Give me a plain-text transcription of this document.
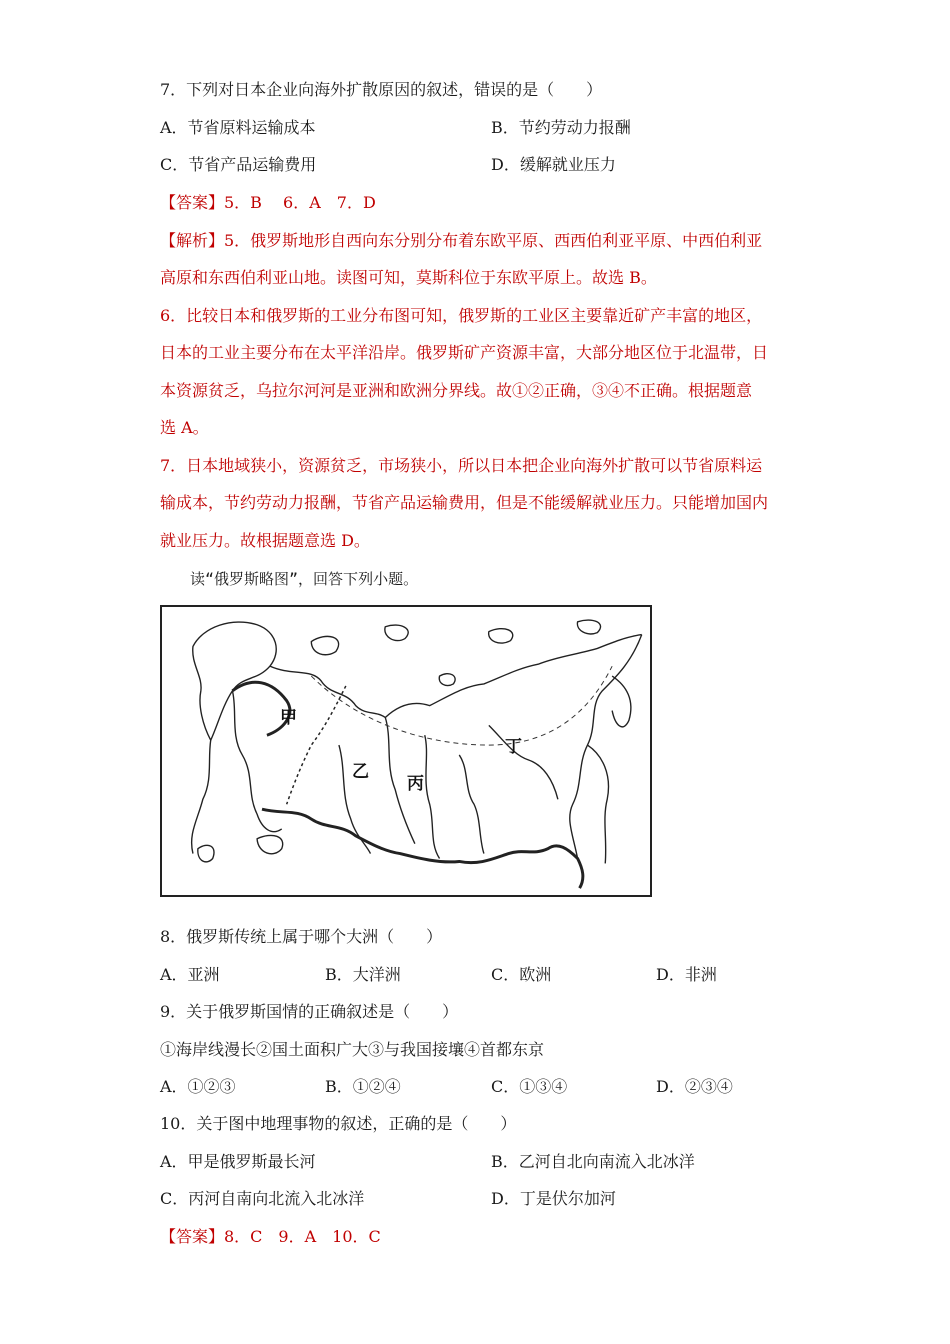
7．下列对日本企业向海外扩散原因的叙述，错误的是（　　）
A．节省原料运输成本	B．节约劳动力报酬
C．节省产品运输费用	D．缓解就业压力
【答案】5．B　 6．A　7．D
【解析】5．俄罗斯地形自西向东分别分布着东欧平原、西西伯利亚平原、中西伯利亚
高原和东西伯利亚山地。读图可知，莫斯科位于东欧平原上。故选 B。
6．比较日本和俄罗斯的工业分布图可知，俄罗斯的工业区主要靠近矿产丰富的地区，
日本的工业主要分布在太平洋沿岸。俄罗斯矿产资源丰富，大部分地区位于北温带，日
本资源贫乏，乌拉尔河河是亚洲和欧洲分界线。故①②正确，③④不正确。根据题意
选 A。
7．日本地域狭小，资源贫乏，市场狭小，所以日本把企业向海外扩散可以节省原料运
输成本，节约劳动力报酬，节省产品运输费用，但是不能缓解就业压力。只能增加国内
就业压力。故根据题意选 D。
读“俄罗斯略图”，回答下列小题。
甲
乙
丙
丁
8．俄罗斯传统上属于哪个大洲（　　）
A．亚洲	B．大洋洲	C．欧洲	D．非洲
9．关于俄罗斯国情的正确叙述是（　　）
①海岸线漫长②国土面积广大③与我国接壤④首都东京
A．①②③	B．①②④	C．①③④	D．②③④
10．关于图中地理事物的叙述，正确的是（　　）
A．甲是俄罗斯最长河	B．乙河自北向南流入北冰洋
C．丙河自南向北流入北冰洋	D．丁是伏尔加河
【答案】8．C　9．A　10．C
